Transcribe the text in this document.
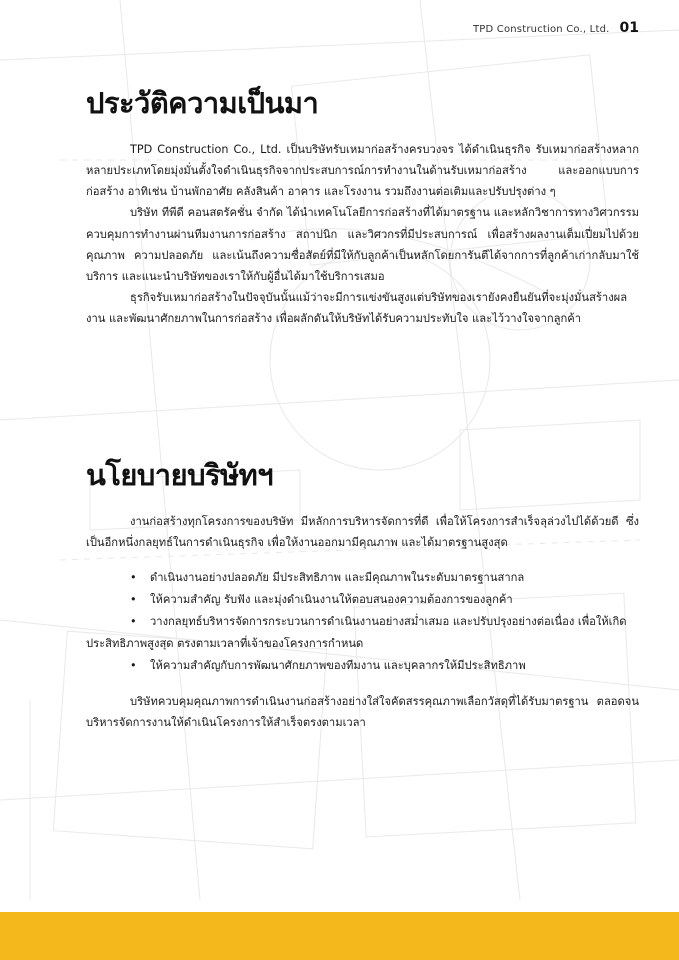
TPD Construction Co., Ltd. 01
ประวัติความเป็นมา

TPD Construction Co., Ltd. เป็นบริษัทรับเหมาก่อสร้างครบวงจร ได้ดำเนินธุรกิจ รับเหมาก่อสร้างหลากหลายประเภทโดยมุ่งมั่นตั้งใจดำเนินธุรกิจจากประสบการณ์การทำงานในด้านรับเหมาก่อสร้าง และออกแบบการก่อสร้าง อาทิเช่น บ้านพักอาศัย คลังสินค้า อาคาร และโรงงาน รวมถึงงานต่อเติมและปรับปรุงต่าง ๆ

บริษัท ทีพีดี คอนสตรัคชั่น จำกัด ได้นำเทคโนโลยีการก่อสร้างที่ได้มาตรฐาน และหลักวิชาการทางวิศวกรรมควบคุมการทำงานผ่านทีมงานการก่อสร้าง สถาปนิก และวิศวกรที่มีประสบการณ์ เพื่อสร้างผลงานเต็มเปี่ยมไปด้วยคุณภาพ ความปลอดภัย และเน้นถึงความซื่อสัตย์ที่มีให้กับลูกค้าเป็นหลักโดยการันตีได้จากการที่ลูกค้าเก่ากลับมาใช้บริการ และแนะนำบริษัทของเราให้กับผู้อื่นได้มาใช้บริการเสมอ

ธุรกิจรับเหมาก่อสร้างในปัจจุบันนั้นแม้ว่าจะมีการแข่งขันสูงแต่บริษัทของเรายังคงยืนยันที่จะมุ่งมั่นสร้างผลงาน และพัฒนาศักยภาพในการก่อสร้าง เพื่อผลักดันให้บริษัทได้รับความประทับใจ และไว้วางใจจากลูกค้า

นโยบายบริษัทฯ

งานก่อสร้างทุกโครงการของบริษัท มีหลักการบริหารจัดการที่ดี เพื่อให้โครงการสำเร็จลุล่วงไปได้ด้วยดี ซึ่งเป็นอีกหนึ่งกลยุทธ์ในการดำเนินธุรกิจ เพื่อให้งานออกมามีคุณภาพ และได้มาตรฐานสูงสุด

• ดำเนินงานอย่างปลอดภัย มีประสิทธิภาพ และมีคุณภาพในระดับมาตรฐานสากล
• ให้ความสำคัญ รับฟัง และมุ่งดำเนินงานให้ตอบสนองความต้องการของลูกค้า
• วางกลยุทธ์บริหารจัดการกระบวนการดำเนินงานอย่างสม่ำเสมอ และปรับปรุงอย่างต่อเนื่อง เพื่อให้เกิดประสิทธิภาพสูงสุด ตรงตามเวลาที่เจ้าของโครงการกำหนด
• ให้ความสำคัญกับการพัฒนาศักยภาพของทีมงาน และบุคลากรให้มีประสิทธิภาพ

บริษัทควบคุมคุณภาพการดำเนินงานก่อสร้างอย่างใส่ใจคัดสรรคุณภาพเลือกวัสดุที่ได้รับมาตรฐาน ตลอดจนบริหารจัดการงานให้ดำเนินโครงการให้สำเร็จตรงตามเวลา
